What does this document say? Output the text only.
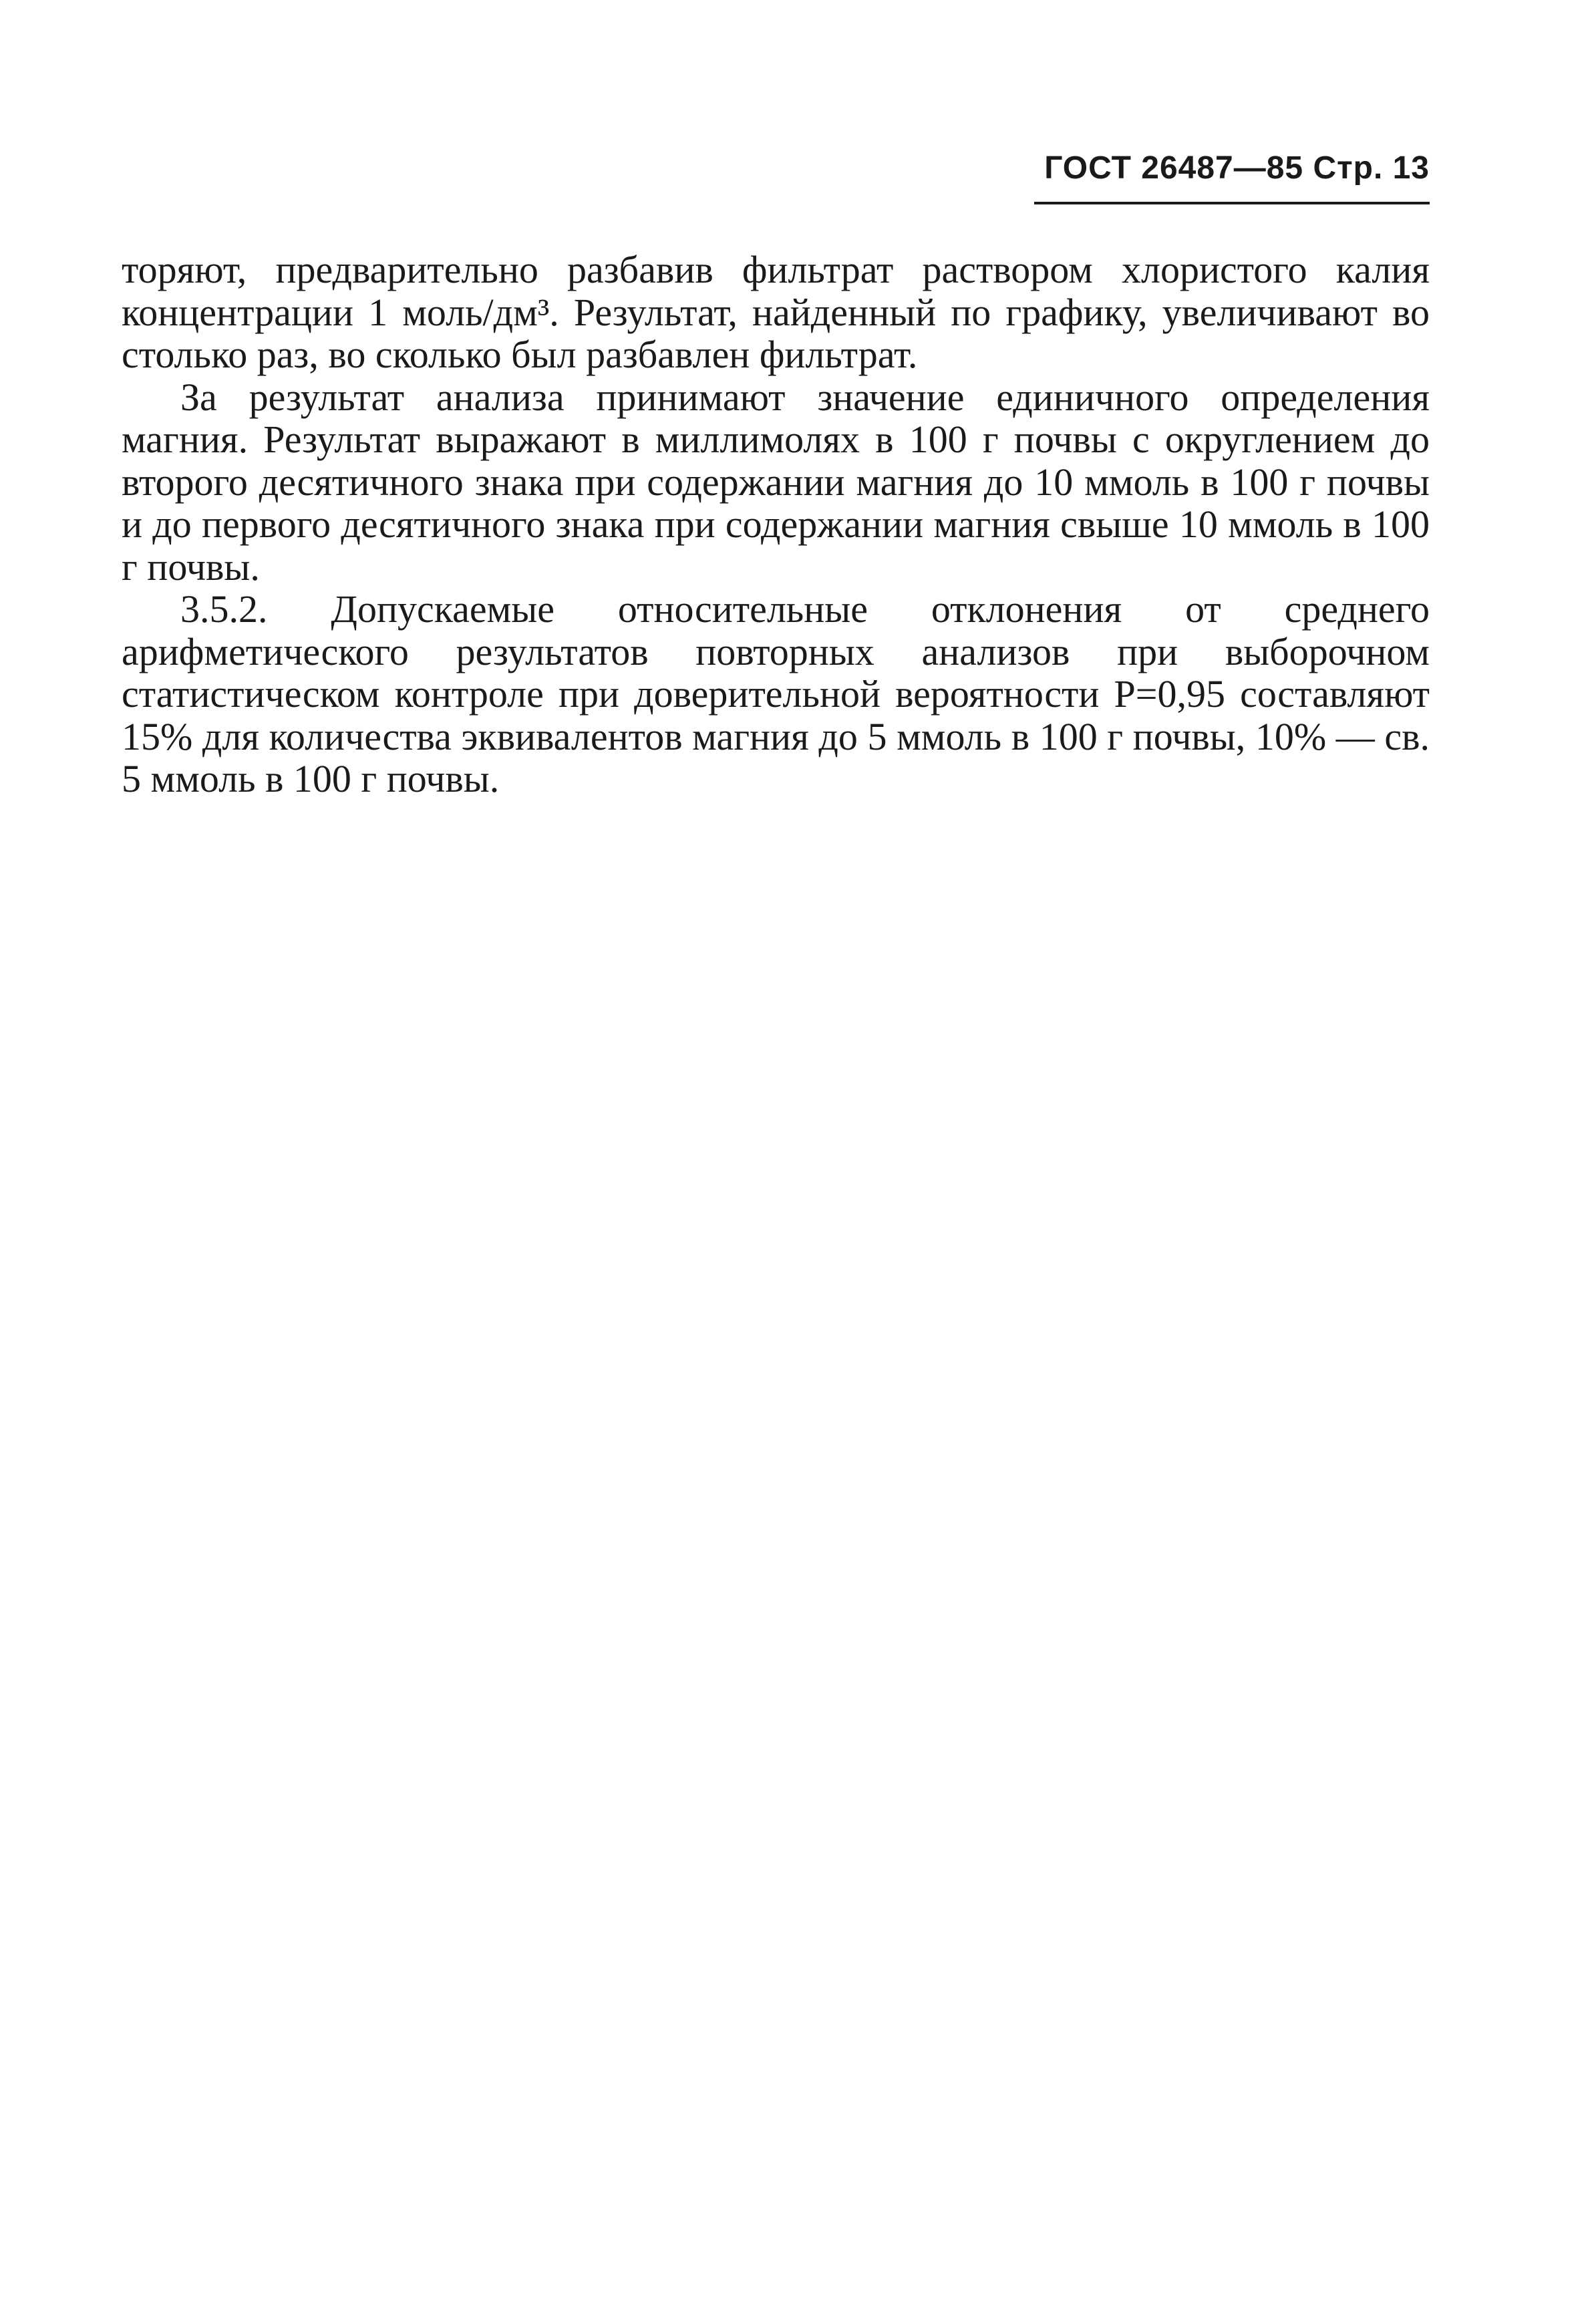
ГОСТ 26487—85 Стр. 13

торяют, предварительно разбавив фильтрат раствором хлористого калия концентрации 1 моль/дм³. Результат, найденный по графику, увеличивают во столько раз, во сколько был разбавлен фильтрат.

За результат анализа принимают значение единичного определения магния. Результат выражают в миллимолях в 100 г почвы с округлением до второго десятичного знака при содержании магния до 10 ммоль в 100 г почвы и до первого десятичного знака при содержании магния свыше 10 ммоль в 100 г почвы.

3.5.2. Допускаемые относительные отклонения от среднего арифметического результатов повторных анализов при выборочном статистическом контроле при доверительной вероятности P=0,95 составляют 15% для количества эквивалентов магния до 5 ммоль в 100 г почвы, 10% — св. 5 ммоль в 100 г почвы.
